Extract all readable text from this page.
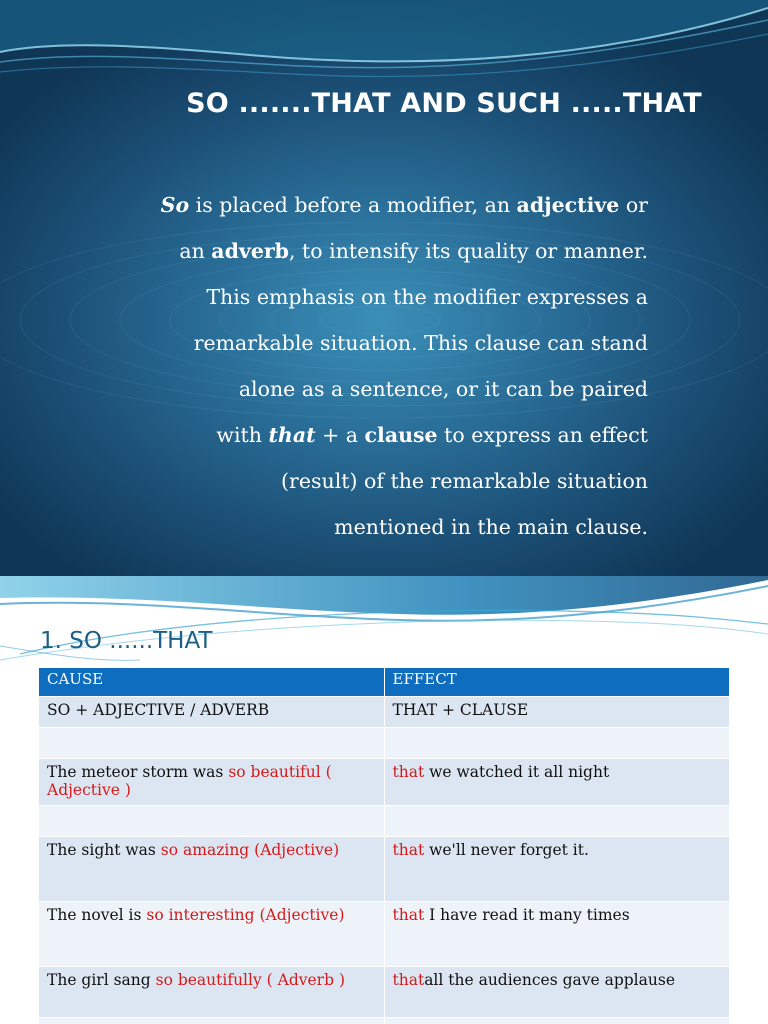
SO .......THAT AND SUCH .....THAT
So is placed before a modifier, an adjective or
an adverb, to intensify its quality or manner.
This emphasis on the modifier expresses a
remarkable situation. This clause can stand
alone as a sentence, or it can be paired
with that + a clause to express an effect
(result) of the remarkable situation
mentioned in the main clause.
1. SO ......THAT
CAUSE	EFFECT
SO + ADJECTIVE / ADVERB	THAT + CLAUSE

The meteor storm was so beautiful ( Adjective )	that we watched it all night

The sight was so amazing (Adjective)	that we'll never forget it.
The novel is so interesting (Adjective)	that I have read it many times
The girl sang so beautifully ( Adverb )	thatall the audiences gave applause
